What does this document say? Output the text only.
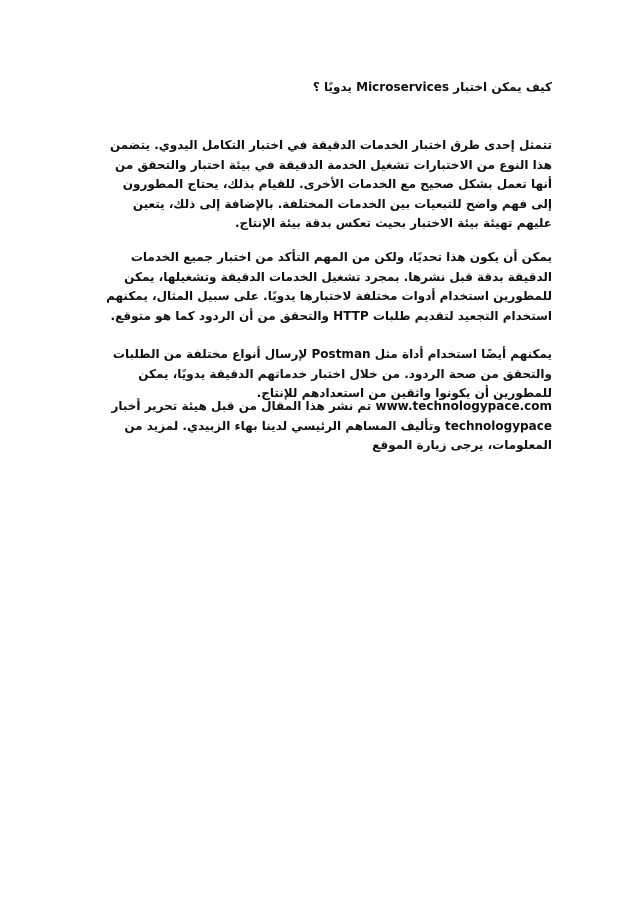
كيف يمكن اختبار Microservices يدويًا ؟

تتمثل إحدى طرق اختبار الخدمات الدقيقة في اختبار التكامل اليدوي. يتضمن هذا النوع من الاختبارات تشغيل الخدمة الدقيقة في بيئة اختبار والتحقق من أنها تعمل بشكل صحيح مع الخدمات الأخرى. للقيام بذلك، يحتاج المطورون إلى فهم واضح للتبعيات بين الخدمات المختلفة. بالإضافة إلى ذلك، يتعين عليهم تهيئة بيئة الاختبار بحيث تعكس بدقة بيئة الإنتاج.

يمكن أن يكون هذا تحديًا، ولكن من المهم التأكد من اختبار جميع الخدمات الدقيقة بدقة قبل نشرها. بمجرد تشغيل الخدمات الدقيقة وتشغيلها، يمكن للمطورين استخدام أدوات مختلفة لاختبارها يدويًا. على سبيل المثال، يمكنهم استخدام التجعيد لتقديم طلبات HTTP والتحقق من أن الردود كما هو متوقع.

يمكنهم أيضًا استخدام أداة مثل Postman لإرسال أنواع مختلفة من الطلبات والتحقق من صحة الردود. من خلال اختبار خدماتهم الدقيقة يدويًا، يمكن للمطورين أن يكونوا واثقين من استعدادهم للإنتاج.

www.technologypace.com تم نشر هذا المقال من قبل هيئة تحرير أخبار technologypace وتأليف المساهم الرئيسي لدينا بهاء الزبيدي. لمزيد من المعلومات، يرجى زيارة الموقع
